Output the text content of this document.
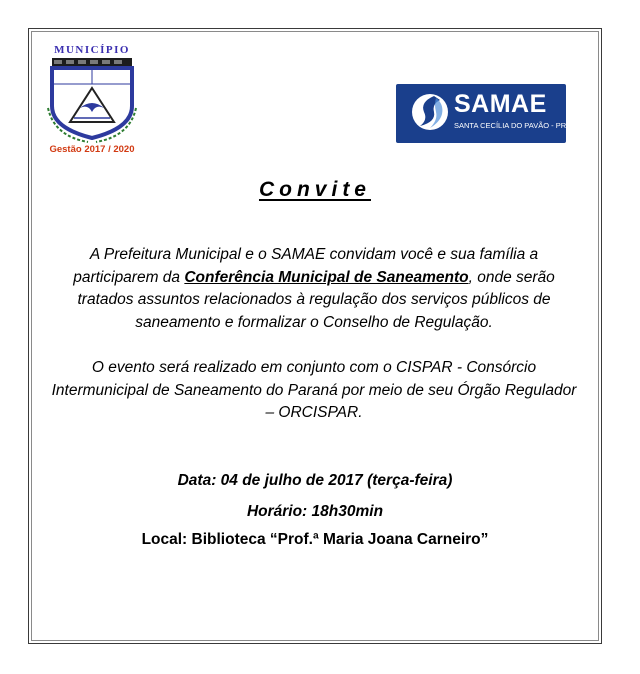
MUNICÍPIO
Gestão 2017 / 2020
SAMAE
SANTA CECÍLIA DO PAVÃO - PR
Convite
A Prefeitura Municipal e o SAMAE convidam você e sua família a participarem da Conferência Municipal de Saneamento, onde serão tratados assuntos relacionados à regulação dos serviços públicos de saneamento e formalizar o Conselho de Regulação.
O evento será realizado em conjunto com o CISPAR - Consórcio Intermunicipal de Saneamento do Paraná por meio de seu Órgão Regulador – ORCISPAR.
Data: 04 de julho de 2017 (terça-feira)
Horário: 18h30min
Local: Biblioteca “Prof.ª Maria Joana Carneiro”
